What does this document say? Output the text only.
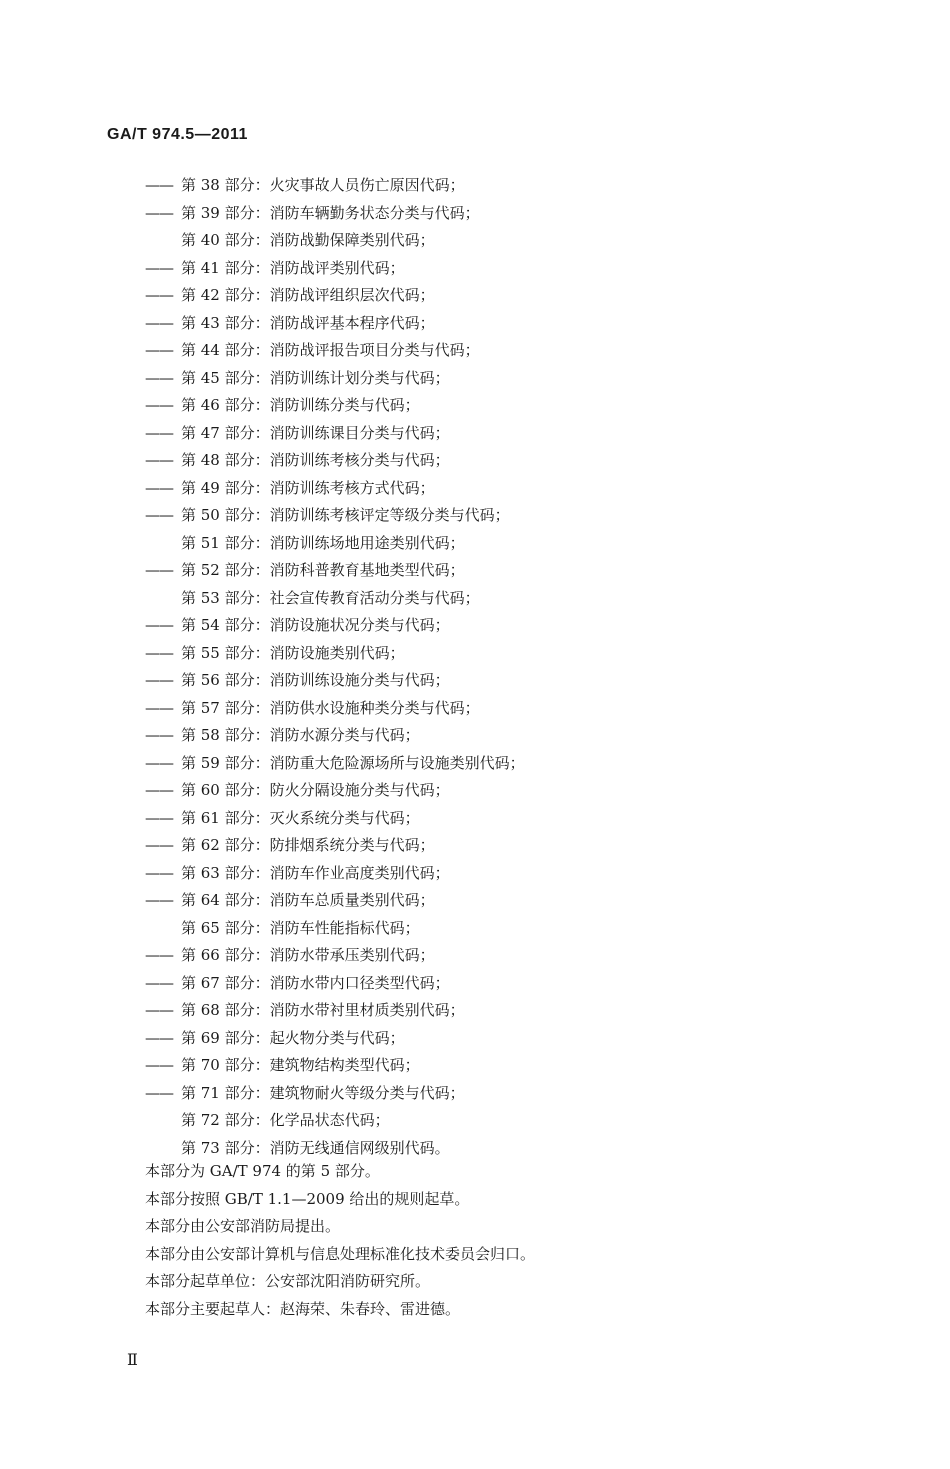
GA/T 974.5—2011
—— 第 38 部分：火灾事故人员伤亡原因代码；
—— 第 39 部分：消防车辆勤务状态分类与代码；
第 40 部分：消防战勤保障类别代码；
—— 第 41 部分：消防战评类别代码；
—— 第 42 部分：消防战评组织层次代码；
—— 第 43 部分：消防战评基本程序代码；
—— 第 44 部分：消防战评报告项目分类与代码；
—— 第 45 部分：消防训练计划分类与代码；
—— 第 46 部分：消防训练分类与代码；
—— 第 47 部分：消防训练课目分类与代码；
—— 第 48 部分：消防训练考核分类与代码；
—— 第 49 部分：消防训练考核方式代码；
—— 第 50 部分：消防训练考核评定等级分类与代码；
第 51 部分：消防训练场地用途类别代码；
—— 第 52 部分：消防科普教育基地类型代码；
第 53 部分：社会宣传教育活动分类与代码；
—— 第 54 部分：消防设施状况分类与代码；
—— 第 55 部分：消防设施类别代码；
—— 第 56 部分：消防训练设施分类与代码；
—— 第 57 部分：消防供水设施种类分类与代码；
—— 第 58 部分：消防水源分类与代码；
—— 第 59 部分：消防重大危险源场所与设施类别代码；
—— 第 60 部分：防火分隔设施分类与代码；
—— 第 61 部分：灭火系统分类与代码；
—— 第 62 部分：防排烟系统分类与代码；
—— 第 63 部分：消防车作业高度类别代码；
—— 第 64 部分：消防车总质量类别代码；
第 65 部分：消防车性能指标代码；
—— 第 66 部分：消防水带承压类别代码；
—— 第 67 部分：消防水带内口径类型代码；
—— 第 68 部分：消防水带衬里材质类别代码；
—— 第 69 部分：起火物分类与代码；
—— 第 70 部分：建筑物结构类型代码；
—— 第 71 部分：建筑物耐火等级分类与代码；
第 72 部分：化学品状态代码；
第 73 部分：消防无线通信网级别代码。
本部分为 GA/T 974 的第 5 部分。
本部分按照 GB/T 1.1—2009 给出的规则起草。
本部分由公安部消防局提出。
本部分由公安部计算机与信息处理标准化技术委员会归口。
本部分起草单位：公安部沈阳消防研究所。
本部分主要起草人：赵海荣、朱春玲、雷进德。
Ⅱ
